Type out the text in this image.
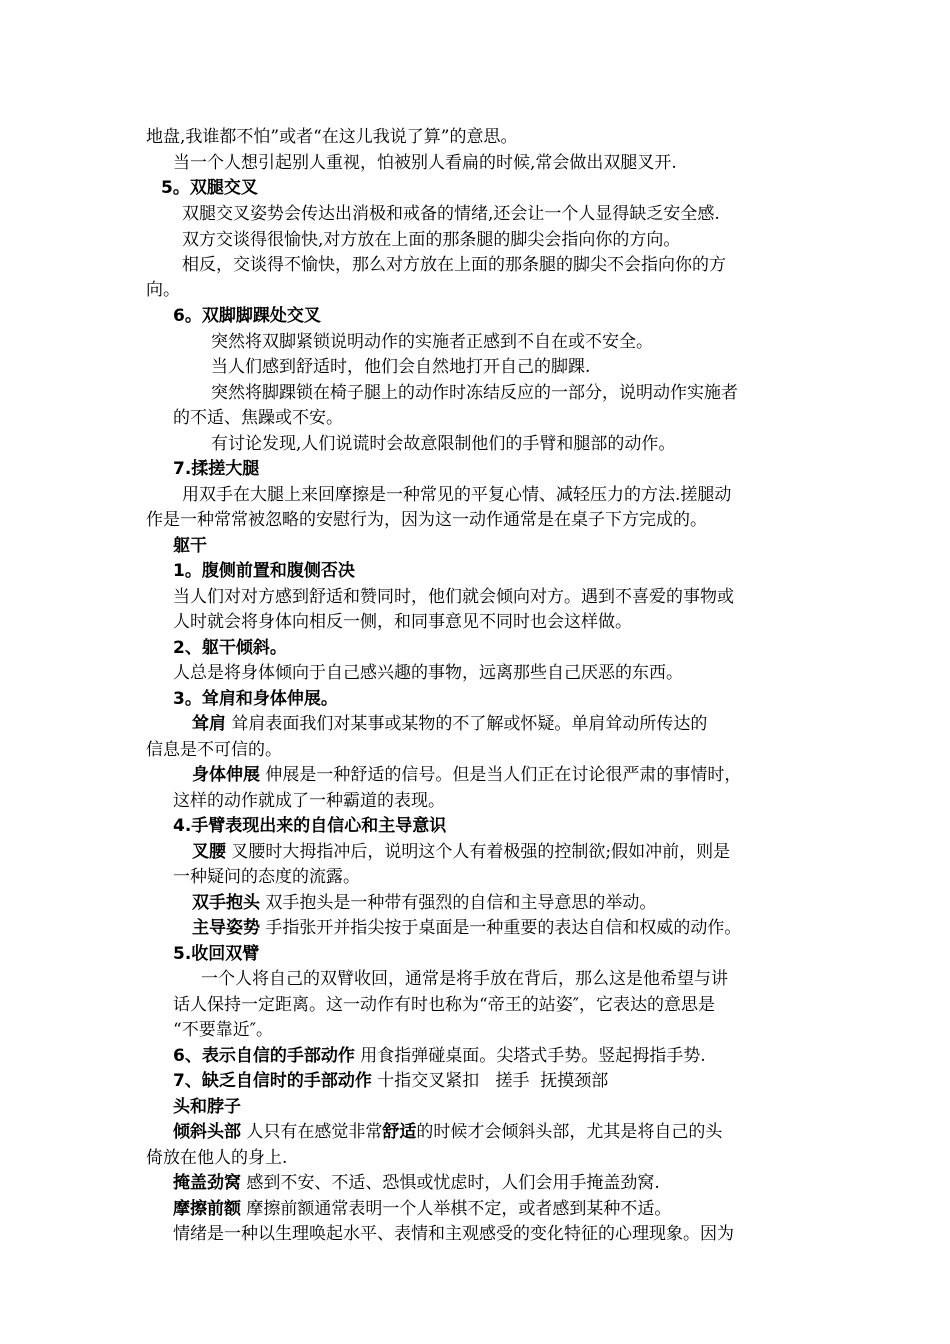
地盘,我谁都不怕”或者“在这儿我说了算”的意思。
当一个人想引起别人重视，怕被别人看扁的时候,常会做出双腿叉开.
5。双腿交叉
双腿交叉姿势会传达出消极和戒备的情绪,还会让一个人显得缺乏安全感.
双方交谈得很愉快,对方放在上面的那条腿的脚尖会指向你的方向。
相反，交谈得不愉快，那么对方放在上面的那条腿的脚尖不会指向你的方
向。
6。双脚脚踝处交叉
突然将双脚紧锁说明动作的实施者正感到不自在或不安全。
当人们感到舒适时，他们会自然地打开自己的脚踝.
突然将脚踝锁在椅子腿上的动作时冻结反应的一部分，说明动作实施者
的不适、焦躁或不安。
有讨论发现,人们说谎时会故意限制他们的手臂和腿部的动作。
7.揉搓大腿
用双手在大腿上来回摩擦是一种常见的平复心情、减轻压力的方法.搓腿动
作是一种常常被忽略的安慰行为，因为这一动作通常是在桌子下方完成的。
躯干
1。腹侧前置和腹侧否决
当人们对对方感到舒适和赞同时，他们就会倾向对方。遇到不喜爱的事物或
人时就会将身体向相反一侧，和同事意见不同时也会这样做。
2、躯干倾斜。
人总是将身体倾向于自己感兴趣的事物，远离那些自己厌恶的东西。
3。耸肩和身体伸展。
耸肩 耸肩表面我们对某事或某物的不了解或怀疑。单肩耸动所传达的
信息是不可信的。
身体伸展 伸展是一种舒适的信号。但是当人们正在讨论很严肃的事情时，
这样的动作就成了一种霸道的表现。
4.手臂表现出来的自信心和主导意识
叉腰 叉腰时大拇指冲后，说明这个人有着极强的控制欲;假如冲前，则是
一种疑问的态度的流露。
双手抱头 双手抱头是一种带有强烈的自信和主导意思的举动。
主导姿势 手指张开并指尖按于桌面是一种重要的表达自信和权威的动作。
5.收回双臂
一个人将自己的双臂收回，通常是将手放在背后，那么这是他希望与讲
话人保持一定距离。这一动作有时也称为“帝王的站姿″，它表达的意思是
“不要靠近″。
6、表示自信的手部动作 用食指弹碰桌面。尖塔式手势。竖起拇指手势.
7、缺乏自信时的手部动作 十指交叉紧扣   搓手  抚摸颈部
头和脖子
倾斜头部 人只有在感觉非常舒适的时候才会倾斜头部，尤其是将自己的头
倚放在他人的身上.
掩盖劲窝 感到不安、不适、恐惧或忧虑时，人们会用手掩盖劲窝.
摩擦前额 摩擦前额通常表明一个人举棋不定，或者感到某种不适。
情绪是一种以生理唤起水平、表情和主观感受的变化特征的心理现象。因为
